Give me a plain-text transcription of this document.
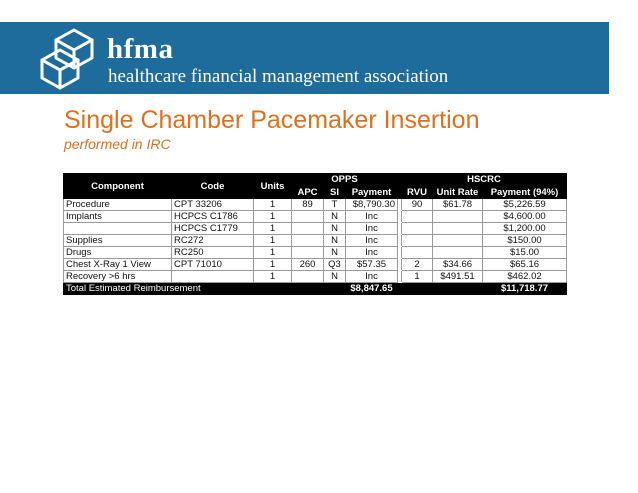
hfma
healthcare financial management association
Single Chamber Pacemaker Insertion
performed in IRC
Component	Code	Units	OPPS				HSCRC		
			APC	SI	Payment		RVU	Unit Rate	Payment (94%)
Procedure	CPT 33206	1	89	T	$8,790.30		90	$61.78	$5,226.59
Implants	HCPCS C1786	1		N	Inc				$4,600.00
	HCPCS C1779	1		N	Inc				$1,200.00
Supplies	RC272	1		N	Inc				$150.00
Drugs	RC250	1		N	Inc				$15.00
Chest X-Ray 1 View	CPT 71010	1	260	Q3	$57.35		2	$34.66	$65.16
Recovery >6 hrs		1		N	Inc		1	$491.51	$462.02
Total Estimated Reimbursement					$8,847.65				$11,718.77
